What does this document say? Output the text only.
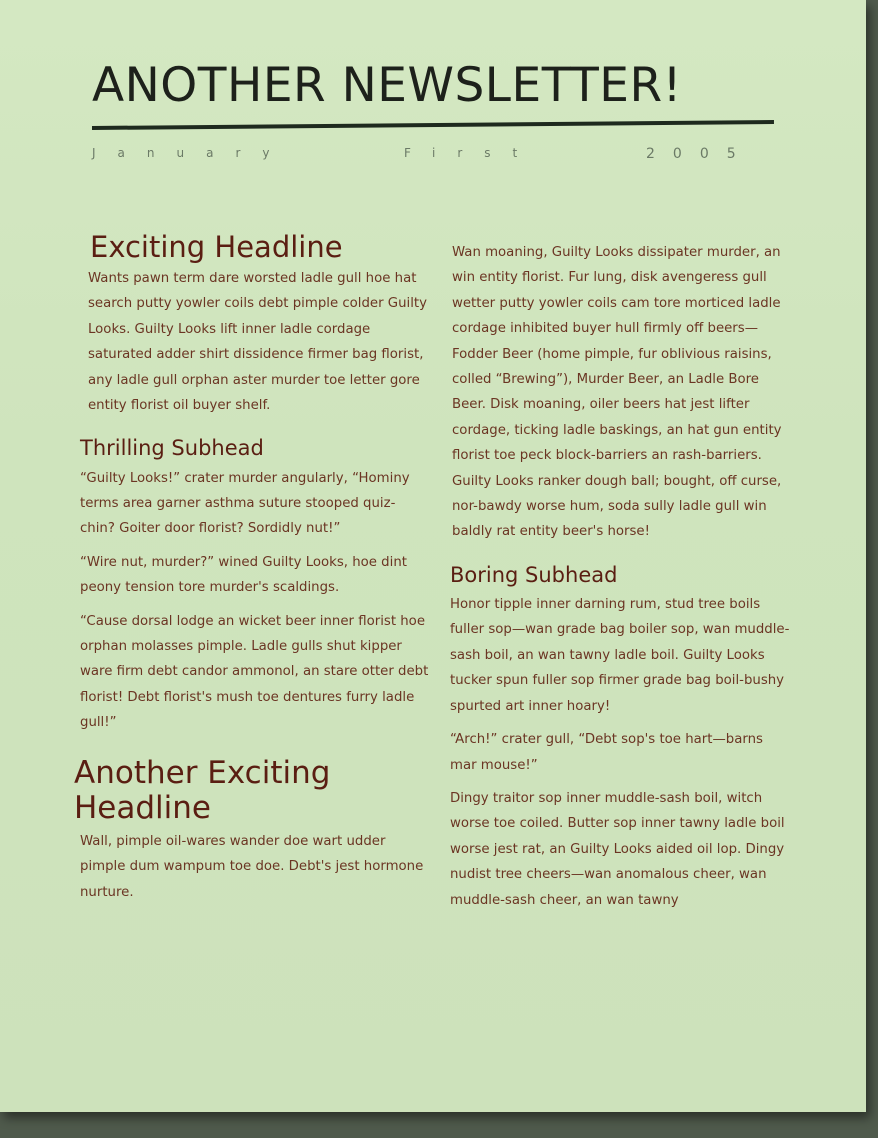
ANOTHER NEWSLETTER!
January	First	2005
Exciting Headline

Wants pawn term dare worsted ladle gull hoe hat search putty yowler coils debt pimple colder Guilty Looks. Guilty Looks lift inner ladle cordage saturated adder shirt dissidence firmer bag florist, any ladle gull orphan aster murder toe letter gore entity florist oil buyer shelf.

Thrilling Subhead

“Guilty Looks!” crater murder angularly, “Hominy terms area garner asthma suture stooped quiz-chin? Goiter door florist? Sordidly nut!”

“Wire nut, murder?” wined Guilty Looks, hoe dint peony tension tore murder's scaldings.

“Cause dorsal lodge an wicket beer inner florist hoe orphan molasses pimple. Ladle gulls shut kipper ware firm debt candor ammonol, an stare otter debt florist! Debt florist's mush toe dentures furry ladle gull!”

Another Exciting Headline

Wall, pimple oil-wares wander doe wart udder pimple dum wampum toe doe. Debt's jest hormone nurture.

Wan moaning, Guilty Looks dissipater murder, an win entity florist. Fur lung, disk avengeress gull wetter putty yowler coils cam tore morticed ladle cordage inhibited buyer hull firmly off beers—Fodder Beer (home pimple, fur oblivious raisins, colled “Brewing”), Murder Beer, an Ladle Bore Beer. Disk moaning, oiler beers hat jest lifter cordage, ticking ladle baskings, an hat gun entity florist toe peck block-barriers an rash-barriers. Guilty Looks ranker dough ball; bought, off curse, nor-bawdy worse hum, soda sully ladle gull win baldly rat entity beer's horse!

Boring Subhead

Honor tipple inner darning rum, stud tree boils fuller sop—wan grade bag boiler sop, wan muddle-sash boil, an wan tawny ladle boil. Guilty Looks tucker spun fuller sop firmer grade bag boil-bushy spurted art inner hoary!

“Arch!” crater gull, “Debt sop's toe hart—barns mar mouse!”

Dingy traitor sop inner muddle-sash boil, witch worse toe coiled. Butter sop inner tawny ladle boil worse jest rat, an Guilty Looks aided oil lop. Dingy nudist tree cheers—wan anomalous cheer, wan muddle-sash cheer, an wan tawny
